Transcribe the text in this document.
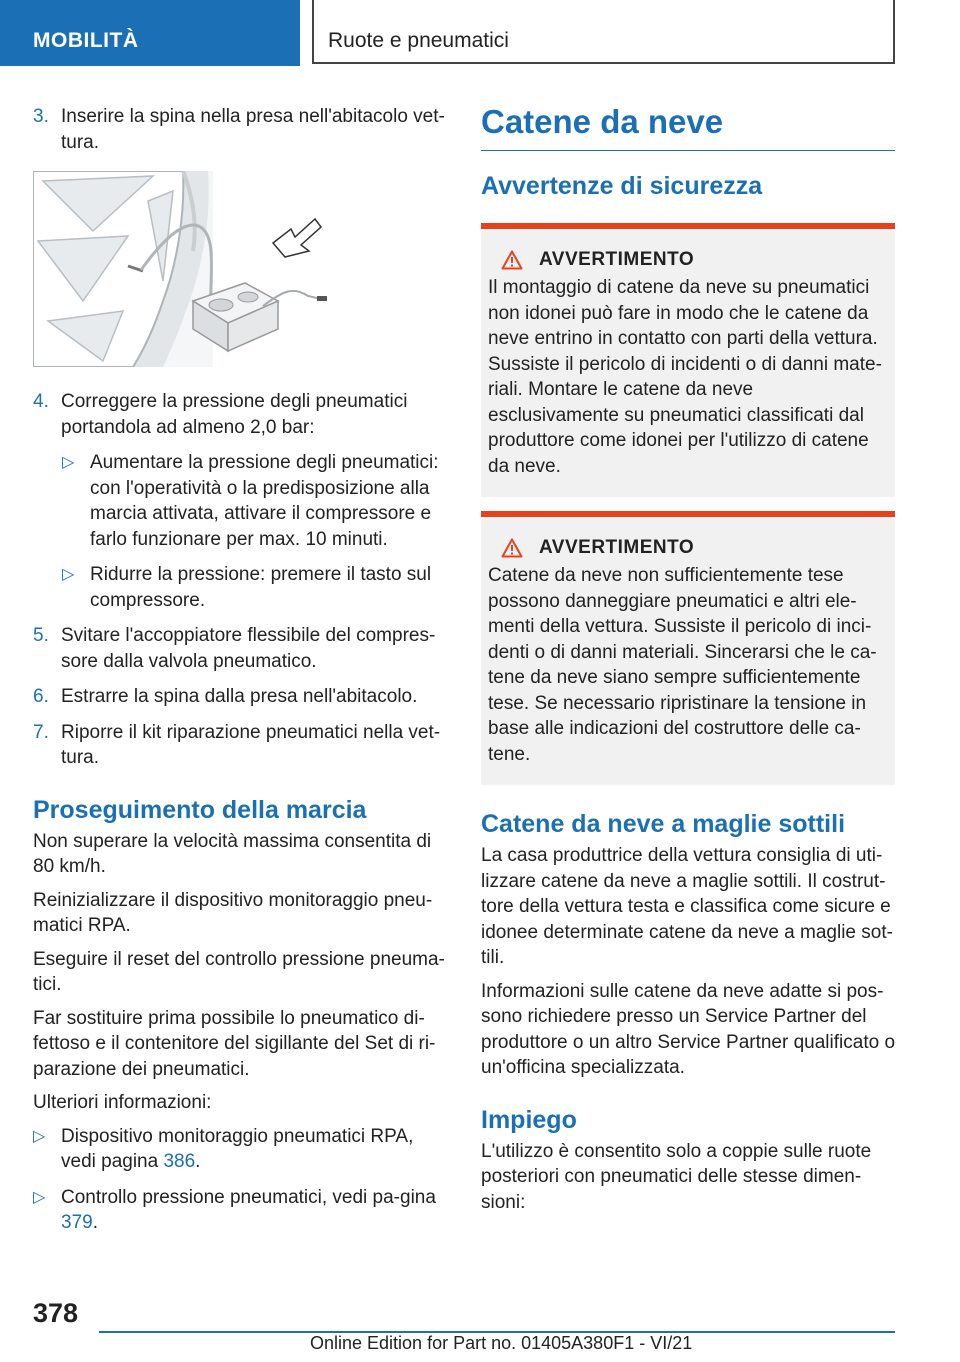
MOBILITÀ	Ruote e pneumatici
3. Inserire la spina nella presa nell'abitacolo vet-tura.
4. Correggere la pressione degli pneumatici portandola ad almeno 2,0 bar:
▷ Aumentare la pressione degli pneumatici: con l'operatività o la predisposizione alla marcia attivata, attivare il compressore e farlo funzionare per max. 10 minuti.
▷ Ridurre la pressione: premere il tasto sul compressore.
5. Svitare l'accoppiatore flessibile del compres-sore dalla valvola pneumatico.
6. Estrarre la spina dalla presa nell'abitacolo.
7. Riporre il kit riparazione pneumatici nella vet-tura.
Proseguimento della marcia

Non superare la velocità massima consentita di 80 km/h.

Reinizializzare il dispositivo monitoraggio pneu-matici RPA.

Eseguire il reset del controllo pressione pneuma-tici.

Far sostituire prima possibile lo pneumatico di-fettoso e il contenitore del sigillante del Set di ri-parazione dei pneumatici.

Ulteriori informazioni:

▷ Dispositivo monitoraggio pneumatici RPA, vedi pagina 386.
▷ Controllo pressione pneumatici, vedi pa-gina 379.
Catene da neve
Avvertenze di sicurezza
AVVERTIMENTO

Il montaggio di catene da neve su pneumatici non idonei può fare in modo che le catene da neve entrino in contatto con parti della vettura. Sussiste il pericolo di incidenti o di danni mate-riali. Montare le catene da neve esclusivamente su pneumatici classificati dal produttore come idonei per l'utilizzo di catene da neve.

AVVERTIMENTO

Catene da neve non sufficientemente tese possono danneggiare pneumatici e altri ele-menti della vettura. Sussiste il pericolo di inci-denti o di danni materiali. Sincerarsi che le ca-tene da neve siano sempre sufficientemente tese. Se necessario ripristinare la tensione in base alle indicazioni del costruttore delle ca-tene.

Catene da neve a maglie sottili

La casa produttrice della vettura consiglia di uti-lizzare catene da neve a maglie sottili. Il costrut-tore della vettura testa e classifica come sicure e idonee determinate catene da neve a maglie sot-tili.

Informazioni sulle catene da neve adatte si pos-sono richiedere presso un Service Partner del produttore o un altro Service Partner qualificato o un'officina specializzata.

Impiego

L'utilizzo è consentito solo a coppie sulle ruote posteriori con pneumatici delle stesse dimen-sioni:

378
Online Edition for Part no. 01405A380F1 - VI/21
